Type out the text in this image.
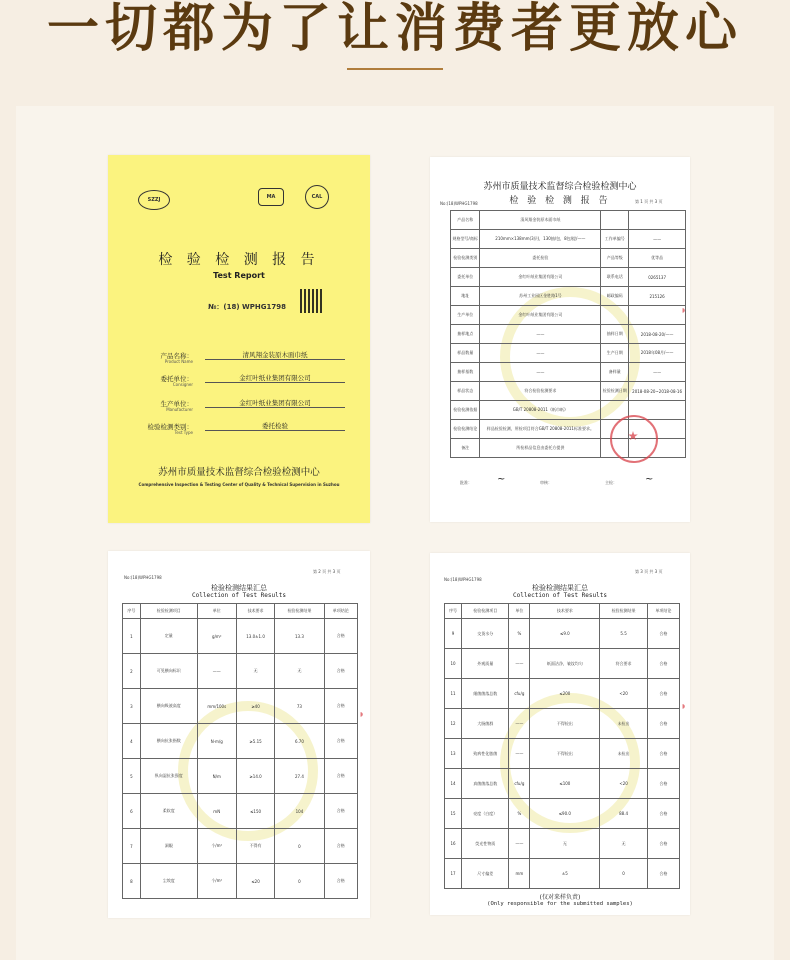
一切都为了让消费者更放心
SZZJ	MA	CAL
检 验 检 测 报 告
Test Report
№：(18) WPHG1798
产品名称：
Product Name
清风翔金装原木面巾纸
委托单位：
Consigner
金红叶纸业集团有限公司
生产单位：
Manufacturer
金红叶纸业集团有限公司
检验检测类别：
Test Type
委托检验
苏州市质量技术监督综合检验检测中心
Comprehensive Inspection & Testing Center of Quality & Technical Supervision in Suzhou
苏州市质量技术监督综合检验检测中心
检 验 检 测 报 告
No:(18)WPHG1798	第 1 页 共 3 页
产品名称	清风翔金装原木面巾纸		
规格型号/商标	210mm×138mm(3层)，130抽/包，8包/提/——	工作单编号	——
检验检测类别	委托检验	产品等级	优等品
委托单位	金红叶纸业集团有限公司	联系电话	0265137
地址	苏州工业园区金胜路1号	邮政编码	215126
生产单位	金红叶纸业集团有限公司		
抽样地点	——	抽样日期	2018-08-20/——
样品数量	——	生产日期	2018年08月/——
抽样基数	——	备样量	——
样品状态	符合检验检测要求	检验检测日期	2018-08-20~2018-08-16
检验检测依据	GB/T 20808-2011《纸巾纸》		
检验检测结论	样品检验检测，所检项目符合GB/T 20808-2011标准要求。		
备注	所检样品信息由委托方提供		
批准：	~	审核：	主检：	~
◗
No:(18)WPHG1798
第 2 页 共 3 页
检验检测结果汇总
Collection of Test Results
序号	检验检测项目	单位	技术要求	检验检测结果	单项结论
1	定量	g/m²	13.0±1.0	13.3	合格
2	可见横向标识	——	无	无	合格
3	横向吸液高度	mm/100s	≥40	73	合格
4	横向抗张指数	N·m/g	≥5.15	6.70	合格
5	纵向湿抗张强度	N/m	≥14.0	27.4	合格
6	柔软度	mN	≤150	104	合格
7	洞眼	个/m²	不得有	0	合格
8	尘埃度	个/m²	≤20	0	合格
◗
No:(18)WPHG1798
第 3 页 共 3 页
检验检测结果汇总
Collection of Test Results
序号	检验检测项目	单位	技术要求	检验检测结果	单项结论
9	交货水分	%	≤9.0	5.5	合格
10	外观质量	——	纸面洁净，皱纹均匀	符合要求	合格
11	细菌菌落总数	cfu/g	≤200	<20	合格
12	大肠菌群	——	不得检出	未检出	合格
13	致病性化脓菌	——	不得检出	未检出	合格
14	真菌菌落总数	cfu/g	≤100	<20	合格
15	亮度（白度）	%	≤90.0	88.4	合格
16	荧光性物质	——	无	无	合格
17	尺寸偏差	mm	±5	0	合格
(仅对来样负责)
(Only responsible for the submitted samples)
◗
